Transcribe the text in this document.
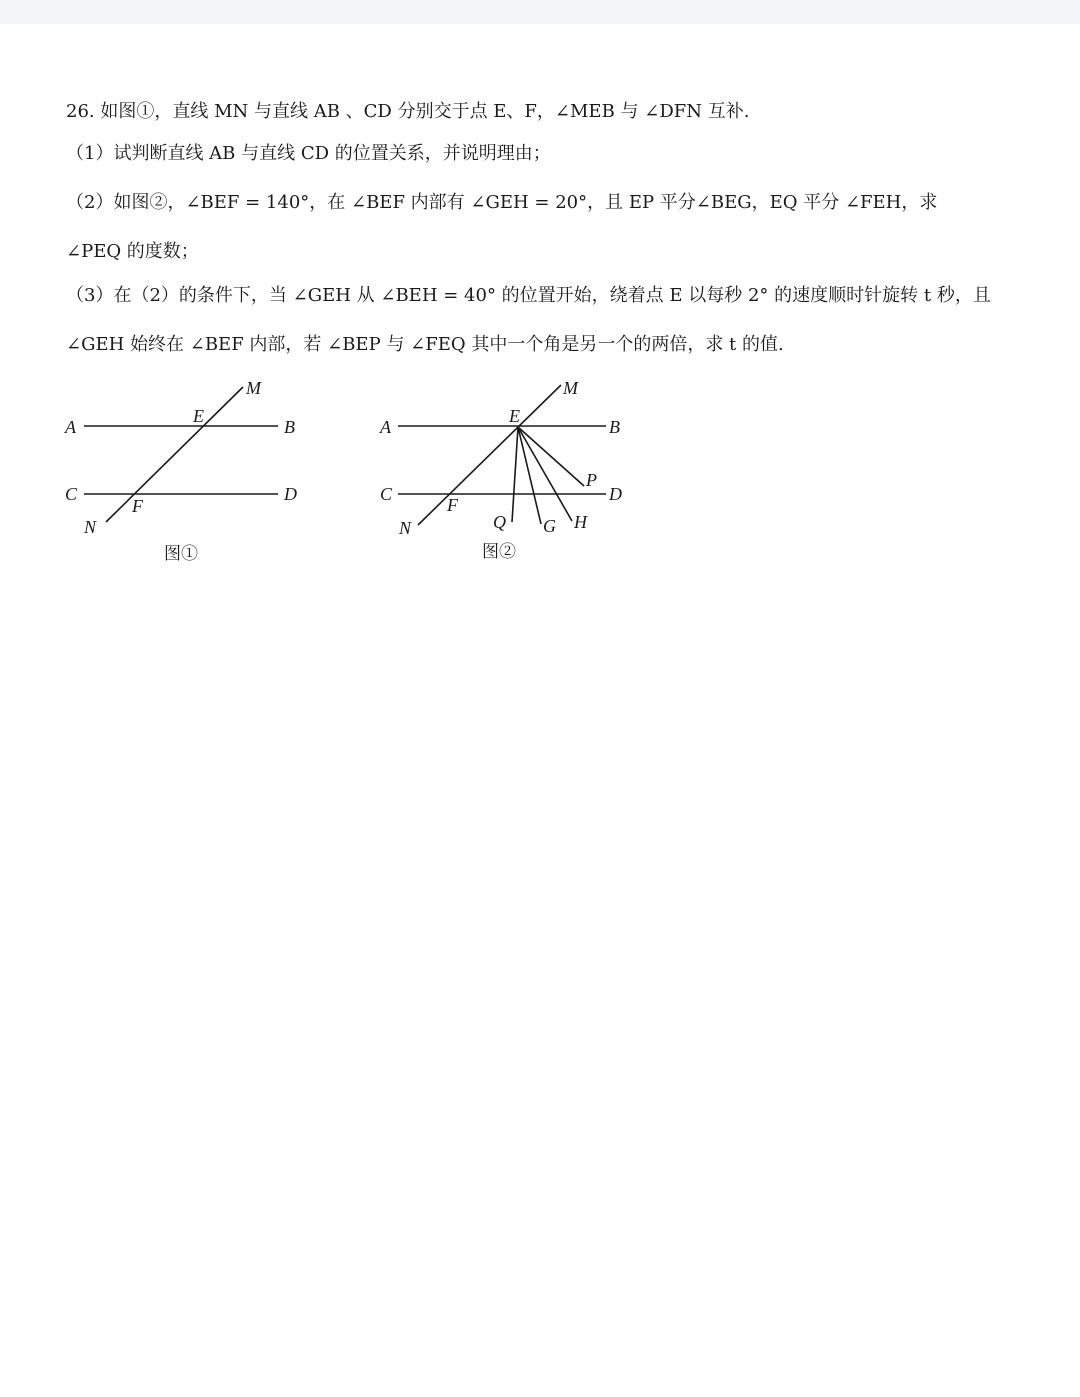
26. 如图①，直线 MN 与直线 AB 、CD 分别交于点 E、F，∠MEB 与 ∠DFN 互补.
（1）试判断直线 AB 与直线 CD 的位置关系，并说明理由；
（2）如图②，∠BEF = 140°，在 ∠BEF 内部有 ∠GEH = 20°，且 EP 平分∠BEG，EQ 平分 ∠FEH，求
∠PEQ 的度数；
（3）在（2）的条件下，当 ∠GEH 从 ∠BEH = 40° 的位置开始，绕着点 E 以每秒 2° 的速度顺时针旋转 t 秒，且
∠GEH 始终在 ∠BEF 内部，若 ∠BEP 与 ∠FEQ 其中一个角是另一个的两倍，求 t 的值.
A	B
C	D
E
F
M
N
A	B
C	D
E
F
M
N
P
Q G H
图①	图②
